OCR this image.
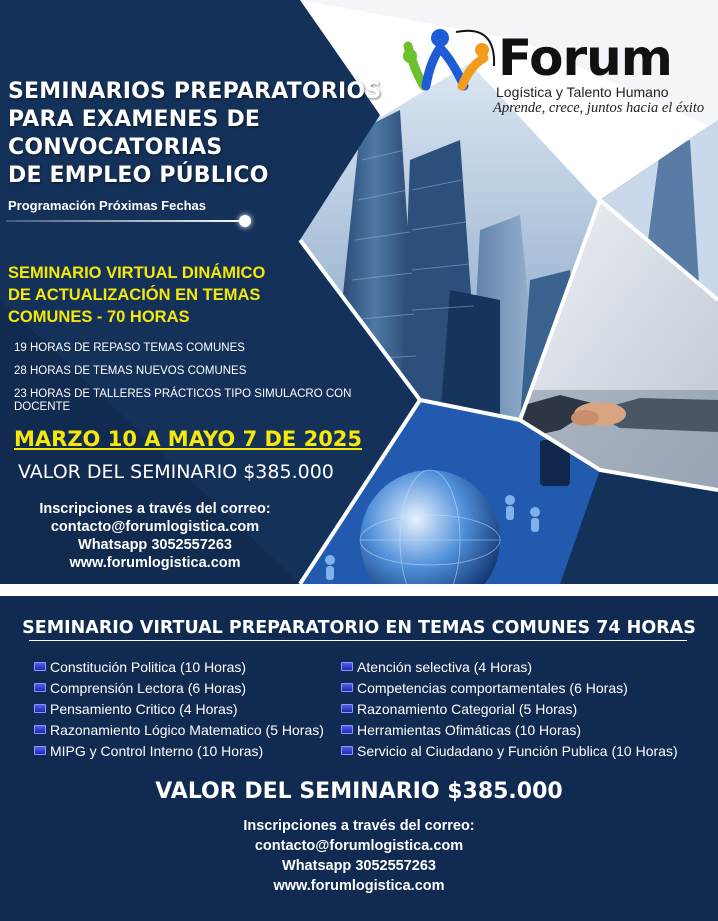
Forum
Logística y Talento Humano
Aprende, crece, juntos hacia el éxito
SEMINARIOS PREPARATORIOS
PARA EXAMENES DE
CONVOCATORIAS
DE EMPLEO PÚBLICO
Programación Próximas Fechas
SEMINARIO VIRTUAL DINÁMICO
DE ACTUALIZACIÓN EN TEMAS
COMUNES - 70 HORAS
19 HORAS DE REPASO TEMAS COMUNES
28 HORAS DE TEMAS NUEVOS COMUNES
23 HORAS DE TALLERES PRÁCTICOS TIPO SIMULACRO CON DOCENTE
MARZO 10 A MAYO 7 DE 2025
VALOR DEL SEMINARIO $385.000
Inscripciones a través del correo:
contacto@forumlogistica.com
Whatsapp 3052557263
www.forumlogistica.com
SEMINARIO VIRTUAL PREPARATORIO EN TEMAS COMUNES 74 HORAS
Constitución Politica (10 Horas)
Comprensión Lectora (6 Horas)
Pensamiento Critico (4 Horas)
Razonamiento Lógico Matematico (5 Horas)
MIPG y Control Interno (10 Horas)
Atención selectiva (4 Horas)
Competencias comportamentales (6 Horas)
Razonamiento Categorial (5 Horas)
Herramientas Ofimáticas (10 Horas)
Servicio al Ciudadano y Función Publica (10 Horas)
VALOR DEL SEMINARIO $385.000
Inscripciones a través del correo:
contacto@forumlogistica.com
Whatsapp 3052557263
www.forumlogistica.com
